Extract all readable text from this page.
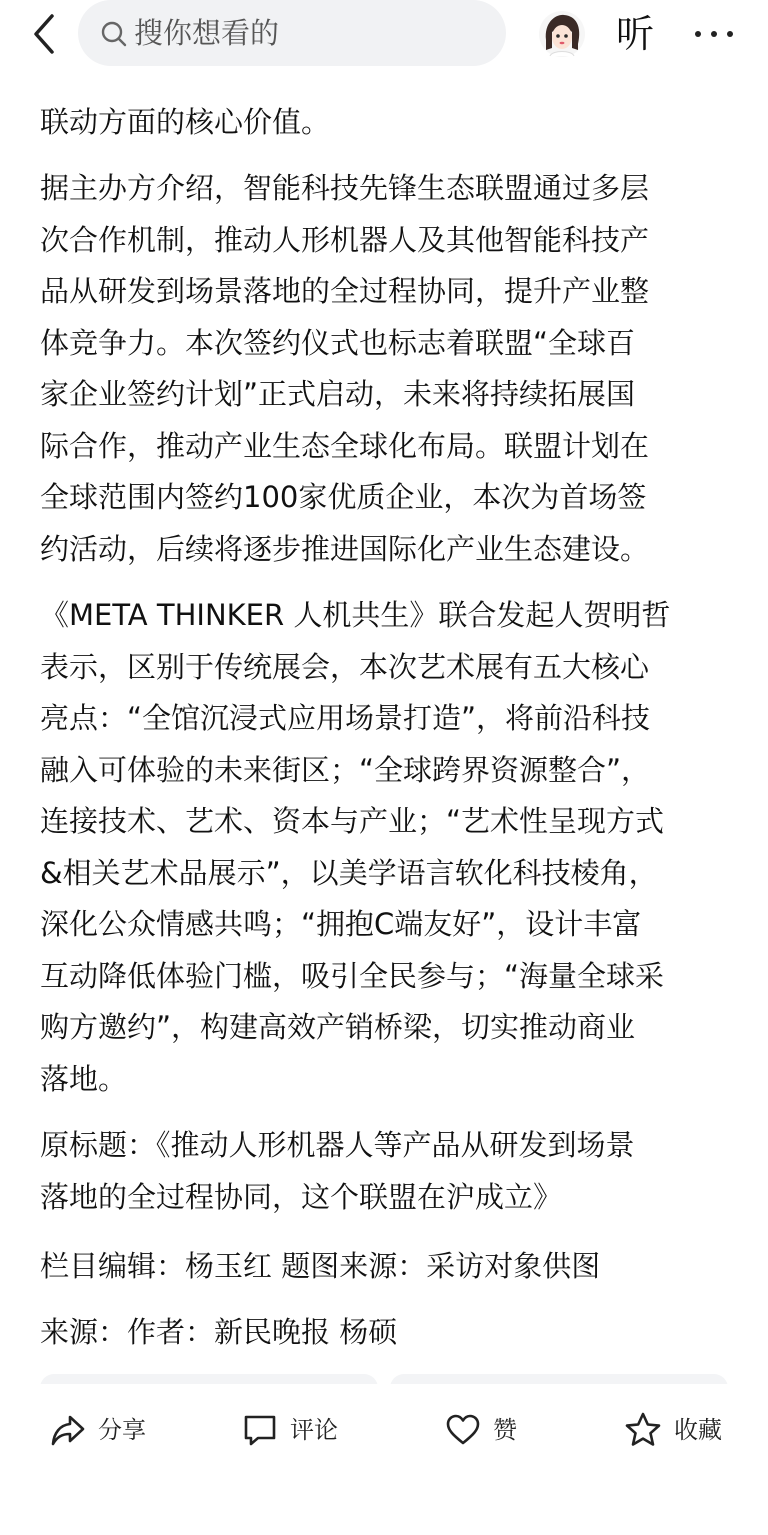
联动方面的核心价值。

据主办方介绍，智能科技先锋生态联盟通过多层
次合作机制，推动人形机器人及其他智能科技产
品从研发到场景落地的全过程协同，提升产业整
体竞争力。本次签约仪式也标志着联盟“全球百
家企业签约计划”正式启动，未来将持续拓展国
际合作，推动产业生态全球化布局。联盟计划在
全球范围内签约100家优质企业，本次为首场签
约活动，后续将逐步推进国际化产业生态建设。

《META THINKER 人机共生》联合发起人贺明哲
表示，区别于传统展会，本次艺术展有五大核心
亮点：“全馆沉浸式应用场景打造”，将前沿科技
融入可体验的未来街区；“全球跨界资源整合”，
连接技术、艺术、资本与产业；“艺术性呈现方式
&相关艺术品展示”，以美学语言软化科技棱角，
深化公众情感共鸣；“拥抱C端友好”，设计丰富
互动降低体验门槛，吸引全民参与；“海量全球采
购方邀约”，构建高效产销桥梁，切实推动商业
落地。

原标题：《推动人形机器人等产品从研发到场景
落地的全过程协同，这个联盟在沪成立》

栏目编辑：杨玉红 题图来源：采访对象供图
来源：作者：新民晚报 杨硕
搜你想看的	听
分享	评论	赞	收藏
